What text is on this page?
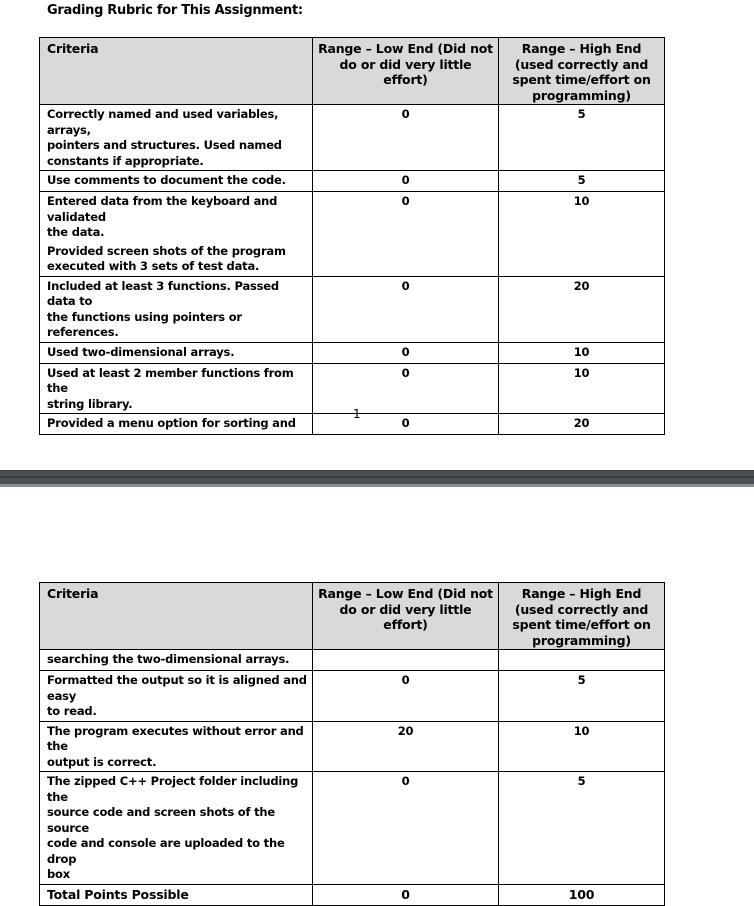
Grading Rubric for This Assignment:
Criteria	Range – Low End (Did not
do or did very little
effort)	Range – High End
(used correctly and
spent time/effort on
programming)

Correctly named and used variables, arrays,
pointers and structures. Used named
constants if appropriate.	0	5

Use comments to document the code.	0	5

Entered data from the keyboard and validated
the data.
Provided screen shots of the program
executed with 3 sets of test data.	0	10

Included at least 3 functions. Passed data to
the functions using pointers or references.	0	20

Used two-dimensional arrays.	0	10

Used at least 2 member functions from the
string library.	0	10

Provided a menu option for sorting and	0	20
1
Criteria	Range – Low End (Did not
do or did very little
effort)	Range – High End
(used correctly and
spent time/effort on
programming)

searching the two-dimensional arrays.		

Formatted the output so it is aligned and easy
to read.	0	5

The program executes without error and the
output is correct.	20	10

The zipped C++ Project folder including the
source code and screen shots of the source
code and console are uploaded to the drop
box	0	5
Total Points Possible	0	100
